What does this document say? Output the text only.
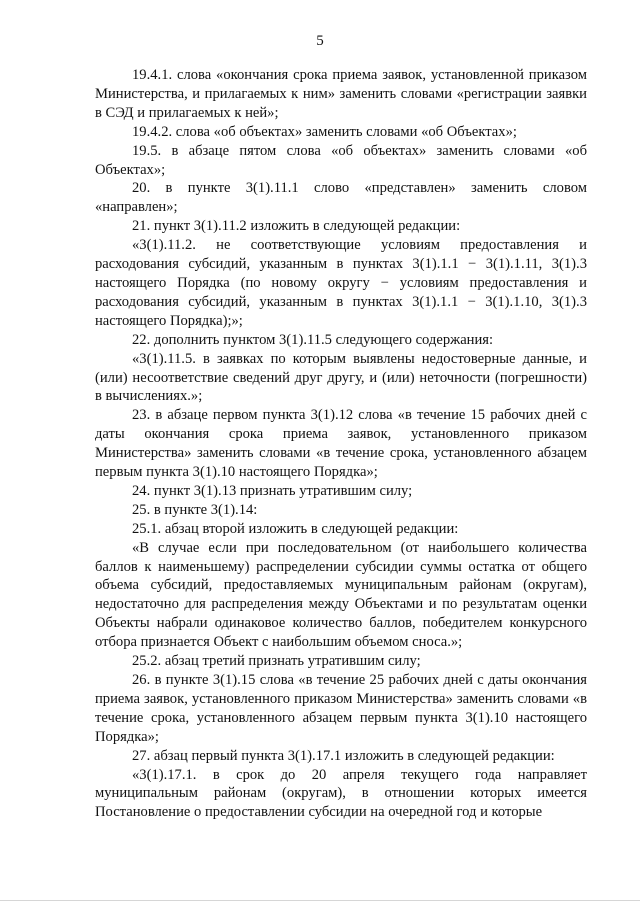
5

19.4.1. слова «окончания срока приема заявок, установленной приказом Министерства, и прилагаемых к ним» заменить словами «регистрации заявки в СЭД и прилагаемых к ней»;

19.4.2. слова «об объектах» заменить словами «об Объектах»;

19.5. в абзаце пятом слова «об объектах» заменить словами «об Объектах»;

20. в пункте 3(1).11.1 слово «представлен» заменить словом «направлен»;

21. пункт 3(1).11.2 изложить в следующей редакции:

«3(1).11.2. не соответствующие условиям предоставления и расходования субсидий, указанным в пунктах 3(1).1.1 − 3(1).1.11, 3(1).3 настоящего Порядка (по новому округу − условиям предоставления и расходования субсидий, указанным в пунктах 3(1).1.1 − 3(1).1.10, 3(1).3 настоящего Порядка);»;

22. дополнить пунктом 3(1).11.5 следующего содержания:

«3(1).11.5. в заявках по которым выявлены недостоверные данные, и (или) несоответствие сведений друг другу, и (или) неточности (погрешности) в вычислениях.»;

23. в абзаце первом пункта 3(1).12 слова «в течение 15 рабочих дней с даты окончания срока приема заявок, установленного приказом Министерства» заменить словами «в течение срока, установленного абзацем первым пункта 3(1).10 настоящего Порядка»;

24. пункт 3(1).13 признать утратившим силу;

25. в пункте 3(1).14:

25.1. абзац второй изложить в следующей редакции:

«В случае если при последовательном (от наибольшего количества баллов к наименьшему) распределении субсидии суммы остатка от общего объема субсидий, предоставляемых муниципальным районам (округам), недостаточно для распределения между Объектами и по результатам оценки Объекты набрали одинаковое количество баллов, победителем конкурсного отбора признается Объект с наибольшим объемом сноса.»;

25.2. абзац третий признать утратившим силу;

26. в пункте 3(1).15 слова «в течение 25 рабочих дней с даты окончания приема заявок, установленного приказом Министерства» заменить словами «в течение срока, установленного абзацем первым пункта 3(1).10 настоящего Порядка»;

27. абзац первый пункта 3(1).17.1 изложить в следующей редакции:

«3(1).17.1. в срок до 20 апреля текущего года направляет муниципальным районам (округам), в отношении которых имеется Постановление о предоставлении субсидии на очередной год и которые
